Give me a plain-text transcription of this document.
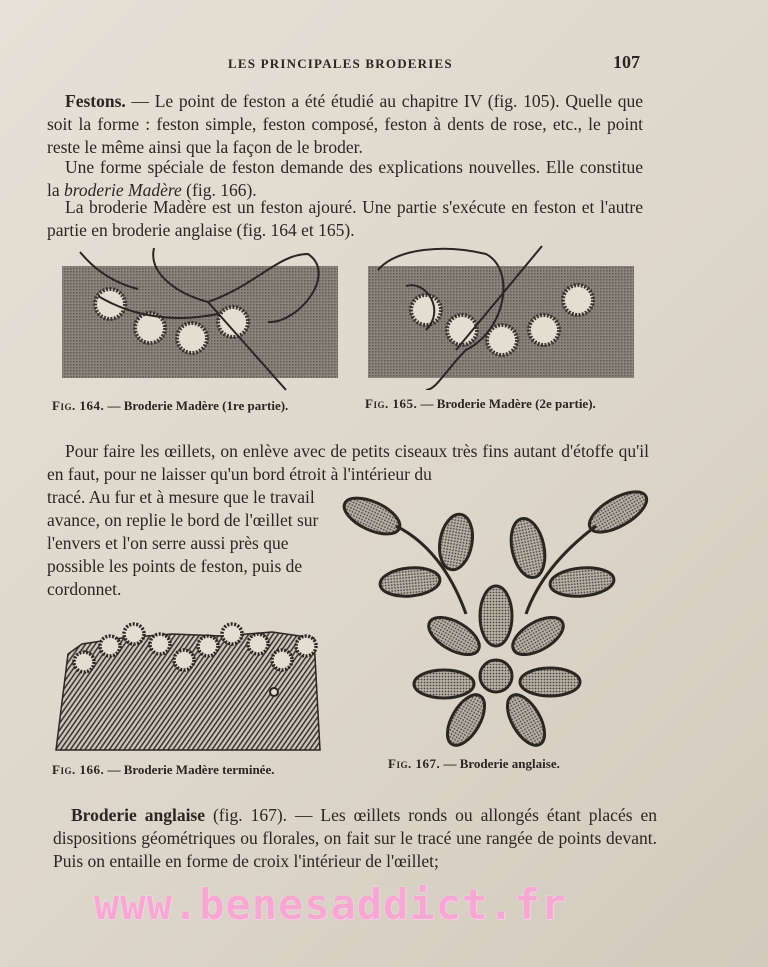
LES PRINCIPALES BRODERIES	107

Festons. — Le point de feston a été étudié au chapitre IV (fig. 105). Quelle que soit la forme : feston simple, feston composé, feston à dents de rose, etc., le point reste le même ainsi que la façon de le broder.

Une forme spéciale de feston demande des explications nouvelles. Elle constitue la broderie Madère (fig. 166).

La broderie Madère est un feston ajouré. Une partie s'exécute en feston et l'autre partie en broderie anglaise (fig. 164 et 165).

Fig. 164. — Broderie Madère (1re partie).	Fig. 165. — Broderie Madère (2e partie).

Pour faire les œillets, on enlève avec de petits ciseaux très fins autant d'étoffe qu'il en faut, pour ne laisser qu'un bord étroit à l'intérieur du

tracé. Au fur et à mesure que le travail avance, on replie le bord de l'œillet sur l'envers et l'on serre aussi près que possible les points de feston, puis de cordonnet.

Fig. 166. — Broderie Madère terminée.	Fig. 167. — Broderie anglaise.

Broderie anglaise (fig. 167). — Les œillets ronds ou allongés étant placés en dispositions géométriques ou florales, on fait sur le tracé une rangée de points devant. Puis on entaille en forme de croix l'intérieur de l'œillet;

www.benesaddict.fr
